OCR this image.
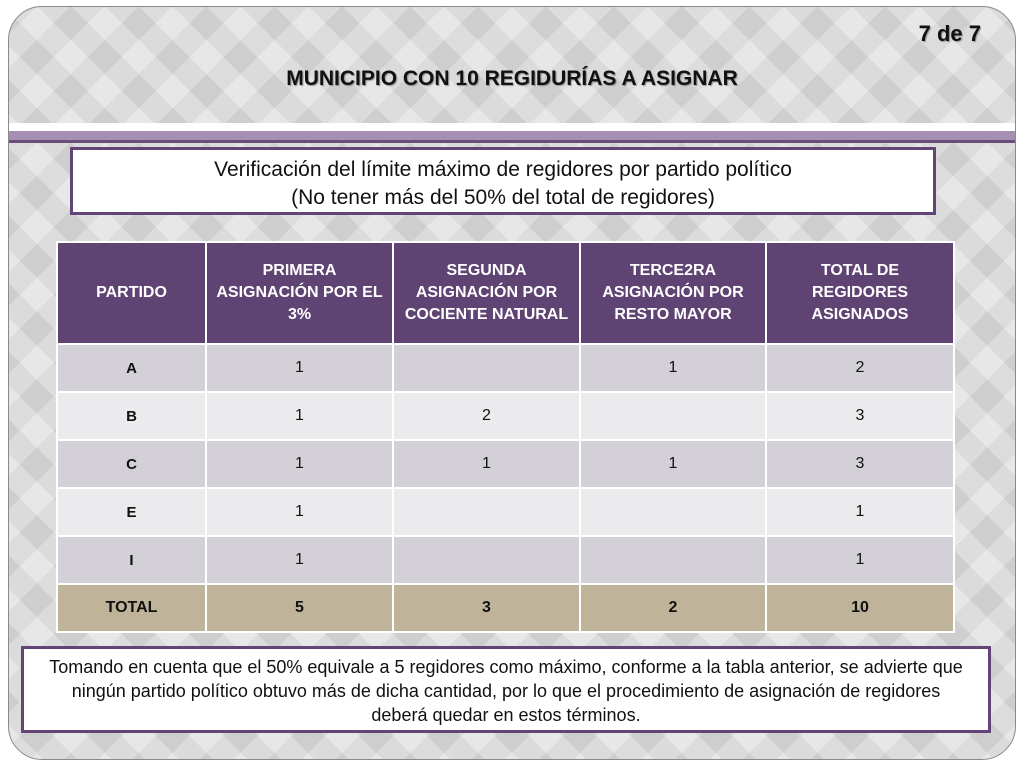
7 de 7
MUNICIPIO CON 10 REGIDURÍAS A ASIGNAR
Verificación del límite máximo de regidores por partido político
(No tener más del 50% del total de regidores)
PARTIDO	PRIMERA ASIGNACIÓN POR EL 3%	SEGUNDA ASIGNACIÓN POR COCIENTE NATURAL	TERCE2RA ASIGNACIÓN POR RESTO MAYOR	TOTAL DE REGIDORES ASIGNADOS
A	1		1	2
B	1	2		3
C	1	1	1	3
E	1			1
I	1			1
TOTAL	5	3	2	10
Tomando en cuenta que el 50% equivale a 5 regidores como máximo, conforme a la tabla anterior, se advierte que ningún partido político obtuvo más de dicha cantidad, por lo que el procedimiento de asignación de regidores deberá quedar en estos términos.
